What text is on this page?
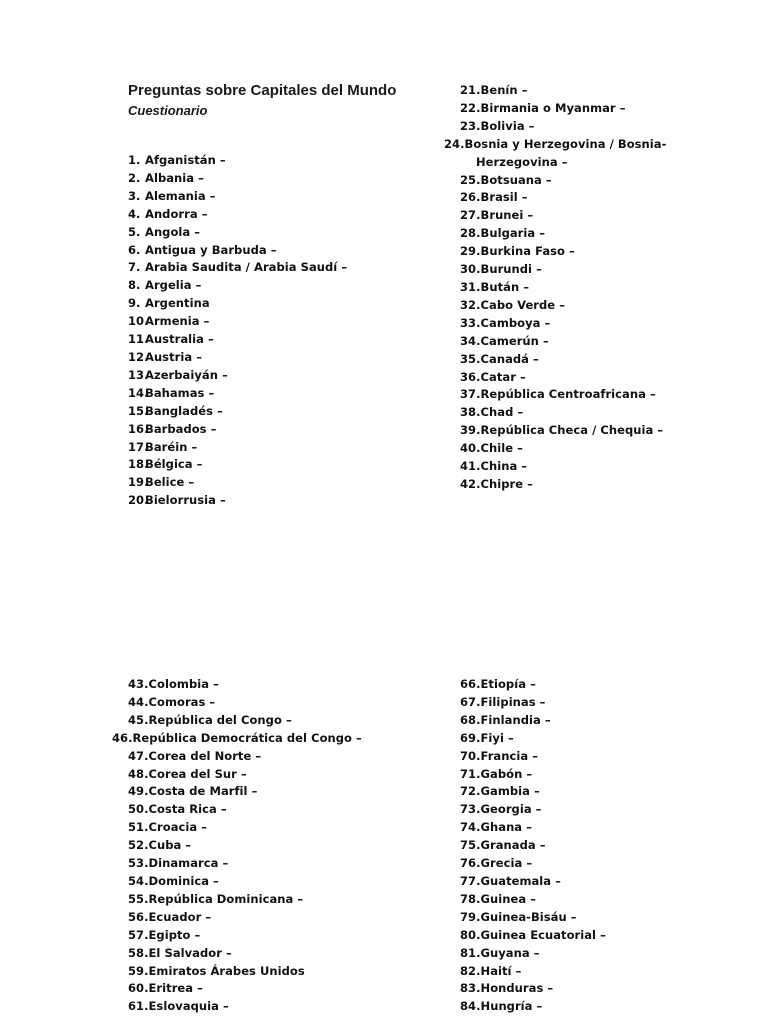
Preguntas sobre Capitales del Mundo
Cuestionario
1. Afganistán –
2. Albania –
3. Alemania –
4. Andorra –
5. Angola –
6. Antigua y Barbuda –
7. Arabia Saudita / Arabia Saudí –
8. Argelia –
9. Argentina
10.Armenia –
11.Australia –
12.Austria –
13.Azerbaiyán –
14.Bahamas –
15.Bangladés –
16.Barbados –
17.Baréin –
18.Bélgica –
19.Belice –
20.Bielorrusia –
21.Benín –
22.Birmania o Myanmar –
23.Bolivia –
24.Bosnia y Herzegovina / Bosnia-Herzegovina –
25.Botsuana –
26.Brasil –
27.Brunei –
28.Bulgaria –
29.Burkina Faso –
30.Burundi –
31.Bután –
32.Cabo Verde –
33.Camboya –
34.Camerún –
35.Canadá –
36.Catar –
37.República Centroafricana –
38.Chad –
39.República Checa / Chequia –
40.Chile –
41.China –
42.Chipre –
43.Colombia –
44.Comoras –
45.República del Congo –
46.República Democrática del Congo –
47.Corea del Norte –
48.Corea del Sur –
49.Costa de Marfil –
50.Costa Rica –
51.Croacia –
52.Cuba –
53.Dinamarca –
54.Dominica –
55.República Dominicana –
56.Ecuador –
57.Egipto –
58.El Salvador –
59.Emiratos Árabes Unidos
60.Eritrea –
61.Eslovaquia –
66.Etiopía –
67.Filipinas –
68.Finlandia –
69.Fiyi –
70.Francia –
71.Gabón –
72.Gambia –
73.Georgia –
74.Ghana –
75.Granada –
76.Grecia –
77.Guatemala –
78.Guinea –
79.Guinea-Bisáu –
80.Guinea Ecuatorial –
81.Guyana –
82.Haití –
83.Honduras –
84.Hungría –
